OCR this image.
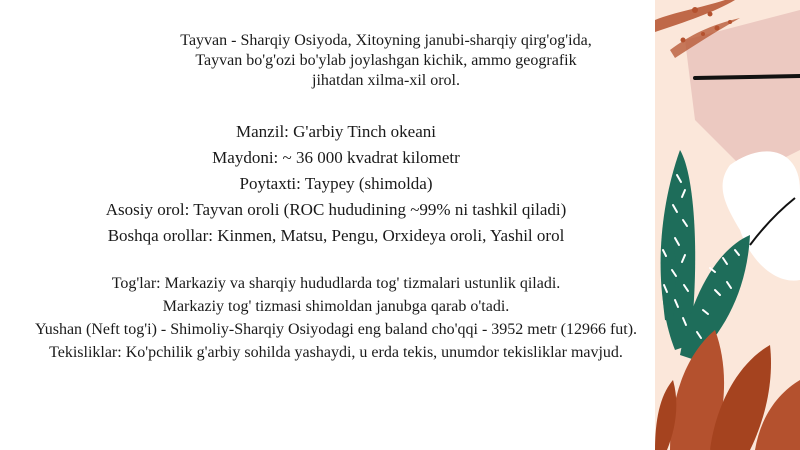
Tayvan - Sharqiy Osiyoda, Xitoyning janubi-sharqiy qirg'og'ida, Tayvan bo'g'ozi bo'ylab joylashgan kichik, ammo geografik jihatdan xilma-xil orol.

Manzil: G'arbiy Tinch okeani
Maydoni: ~ 36 000 kvadrat kilometr
Poytaxti: Taypey (shimolda)
Asosiy orol: Tayvan oroli (ROC hududining ~99% ni tashkil qiladi)
Boshqa orollar: Kinmen, Matsu, Pengu, Orxideya oroli, Yashil orol
Tog'lar: Markaziy va sharqiy hududlarda tog' tizmalari ustunlik qiladi.
Markaziy tog' tizmasi shimoldan janubga qarab o'tadi.
Yushan (Neft tog'i) - Shimoliy-Sharqiy Osiyodagi eng baland cho'qqi - 3952 metr (12966 fut).
Tekisliklar: Ko'pchilik g'arbiy sohilda yashaydi, u erda tekis, unumdor tekisliklar mavjud.
